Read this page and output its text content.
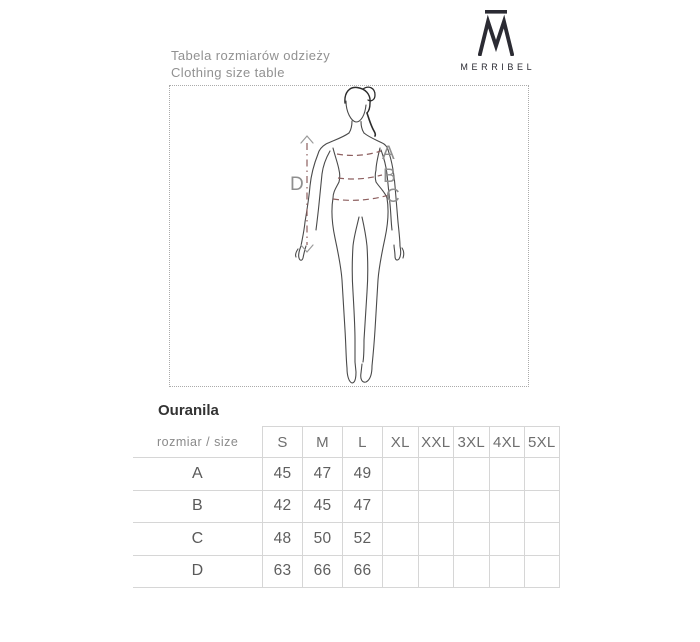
MERRIBEL
Tabela rozmiarów odzieży
Clothing size table
A
B
C
D
Ouranila
rozmiar / size	S	M	L	XL XXL 3XL 4XL 5XL
A	45	47	49
B	42	45	47
C	48	50	52
D	63	66	66
